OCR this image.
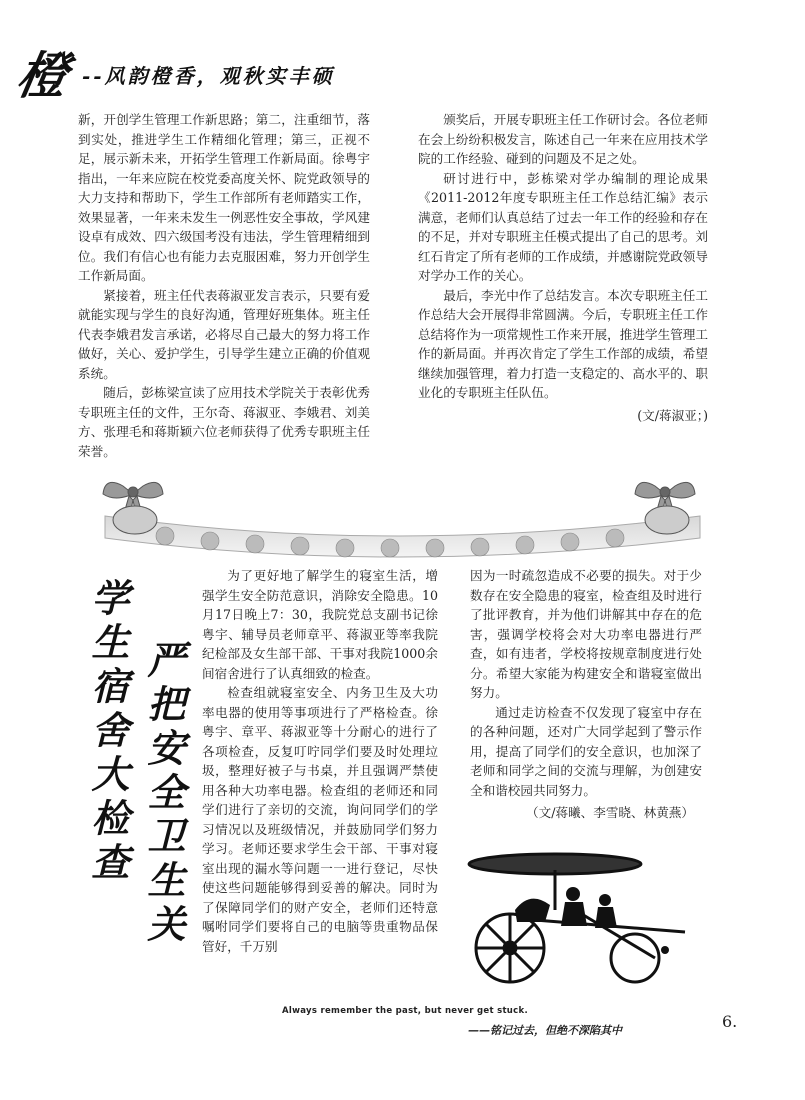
橙 --风韵橙香，观秋实丰硕

新，开创学生管理工作新思路；第二，注重细节，落到实处，推进学生工作精细化管理；第三，正视不足，展示新未来，开拓学生管理工作新局面。徐粤宇指出，一年来应院在校党委高度关怀、院党政领导的大力支持和帮助下，学生工作部所有老师踏实工作，效果显著，一年来未发生一例恶性安全事故，学风建设卓有成效、四六级国考没有违法，学生管理精细到位。我们有信心也有能力去克服困难，努力开创学生工作新局面。

紧接着，班主任代表蒋淑亚发言表示，只要有爱就能实现与学生的良好沟通，管理好班集体。班主任代表李娥君发言承诺，必将尽自己最大的努力将工作做好，关心、爱护学生，引导学生建立正确的价值观系统。

随后，彭栋梁宣读了应用技术学院关于表彰优秀专职班主任的文件，王尔奇、蒋淑亚、李娥君、刘美方、张理毛和蒋斯颖六位老师获得了优秀专职班主任荣誉。

颁奖后，开展专职班主任工作研讨会。各位老师在会上纷纷积极发言，陈述自己一年来在应用技术学院的工作经验、碰到的问题及不足之处。

研讨进行中，彭栋梁对学办编制的理论成果《2011-2012年度专职班主任工作总结汇编》表示满意，老师们认真总结了过去一年工作的经验和存在的不足，并对专职班主任模式提出了自己的思考。刘红石肯定了所有老师的工作成绩，并感谢院党政领导对学办工作的关心。

最后，李光中作了总结发言。本次专职班主任工作总结大会开展得非常圆满。今后，专职班主任工作总结将作为一项常规性工作来开展，推进学生管理工作的新局面。并再次肯定了学生工作部的成绩，希望继续加强管理，着力打造一支稳定的、高水平的、职业化的专职班主任队伍。

(文/蒋淑亚；)
学生宿舍大检查 严把安全卫生关

为了更好地了解学生的寝室生活，增强学生安全防范意识，消除安全隐患。10月17日晚上7：30，我院党总支副书记徐粤宇、辅导员老师章平、蒋淑亚等率我院纪检部及女生部干部、干事对我院1000余间宿舍进行了认真细致的检查。

检查组就寝室安全、内务卫生及大功率电器的使用等事项进行了严格检查。徐粤宇、章平、蒋淑亚等十分耐心的进行了各项检查，反复叮咛同学们要及时处理垃圾，整理好被子与书桌，并且强调严禁使用各种大功率电器。检查组的老师还和同学们进行了亲切的交流，询问同学们的学习情况以及班级情况，并鼓励同学们努力学习。老师还要求学生会干部、干事对寝室出现的漏水等问题一一进行登记，尽快使这些问题能够得到妥善的解决。同时为了保障同学们的财产安全，老师们还特意嘱咐同学们要将自己的电脑等贵重物品保管好，千万别

因为一时疏忽造成不必要的损失。对于少数存在安全隐患的寝室，检查组及时进行了批评教育，并为他们讲解其中存在的危害，强调学校将会对大功率电器进行严查，如有违者，学校将按规章制度进行处分。希望大家能为构建安全和谐寝室做出努力。

通过走访检查不仅发现了寝室中存在的各种问题，还对广大同学起到了警示作用，提高了同学们的安全意识，也加深了老师和同学之间的交流与理解，为创建安全和谐校园共同努力。

（文/蒋曦、李雪晓、林黄燕）
Always remember the past, but never get stuck.
——铭记过去，但绝不深陷其中	6.
